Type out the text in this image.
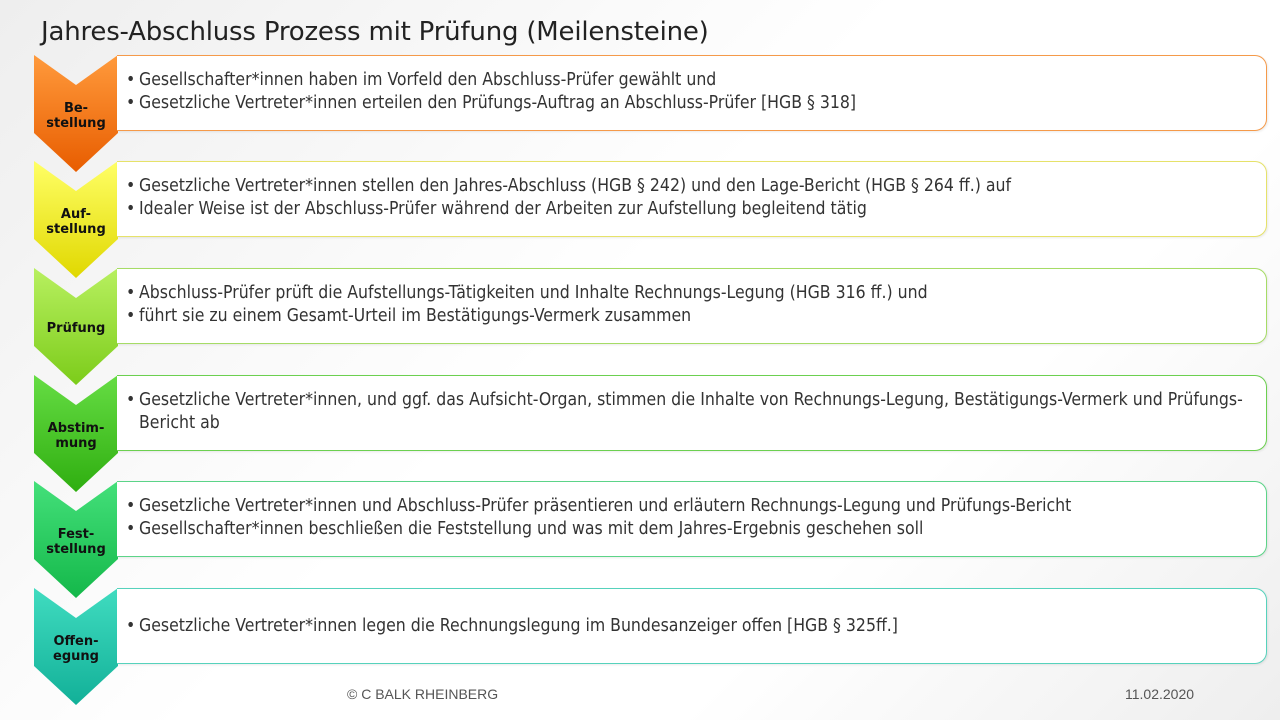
Jahres-Abschluss Prozess mit Prüfung (Meilensteine)
Be-
stellung
• Gesellschafter*innen haben im Vorfeld den Abschluss-Prüfer gewählt und
• Gesetzliche Vertreter*innen erteilen den Prüfungs-Auftrag an Abschluss-Prüfer [HGB § 318]
Auf-
stellung
• Gesetzliche Vertreter*innen stellen den Jahres-Abschluss (HGB § 242) und den Lage-Bericht (HGB § 264 ff.) auf
• Idealer Weise ist der Abschluss-Prüfer während der Arbeiten zur Aufstellung begleitend tätig
Prüfung
• Abschluss-Prüfer prüft die Aufstellungs-Tätigkeiten und Inhalte Rechnungs-Legung (HGB 316 ff.) und
• führt sie zu einem Gesamt-Urteil im Bestätigungs-Vermerk zusammen
Abstim-
mung
• Gesetzliche Vertreter*innen, und ggf. das Aufsicht-Organ, stimmen die Inhalte von Rechnungs-Legung, Bestätigungs-Vermerk und Prüfungs-Bericht ab
Fest-
stellung
• Gesetzliche Vertreter*innen und Abschluss-Prüfer präsentieren und erläutern Rechnungs-Legung und Prüfungs-Bericht
• Gesellschafter*innen beschließen die Feststellung und was mit dem Jahres-Ergebnis geschehen soll
Offen-
egung
• Gesetzliche Vertreter*innen legen die Rechnungslegung im Bundesanzeiger offen [HGB § 325ff.]
© C BALK RHEINBERG	11.02.2020
